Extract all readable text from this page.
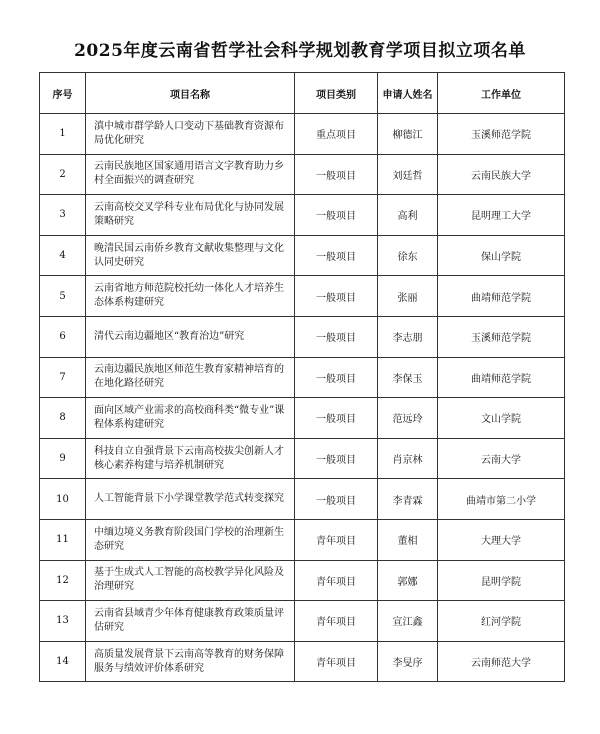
2025年度云南省哲学社会科学规划教育学项目拟立项名单
序号	项目名称	项目类别	申请人姓名	工作单位
1	滇中城市群学龄人口变动下基础教育资源布局优化研究	重点项目	柳德江	玉溪师范学院
2	云南民族地区国家通用语言文字教育助力乡村全面振兴的调查研究	一般项目	刘廷哲	云南民族大学
3	云南高校交叉学科专业布局优化与协同发展策略研究	一般项目	高利	昆明理工大学
4	晚清民国云南侨乡教育文献收集整理与文化认同史研究	一般项目	徐东	保山学院
5	云南省地方师范院校托幼一体化人才培养生态体系构建研究	一般项目	张丽	曲靖师范学院
6	清代云南边疆地区“教育治边”研究	一般项目	李志朋	玉溪师范学院
7	云南边疆民族地区师范生教育家精神培育的在地化路径研究	一般项目	李保玉	曲靖师范学院
8	面向区域产业需求的高校商科类“微专业”课程体系构建研究	一般项目	范远玲	文山学院
9	科技自立自强背景下云南高校拔尖创新人才核心素养构建与培养机制研究	一般项目	肖京林	云南大学
10	人工智能背景下小学课堂教学范式转变探究	一般项目	李青霖	曲靖市第二小学
11	中缅边境义务教育阶段国门学校的治理新生态研究	青年项目	董相	大理大学
12	基于生成式人工智能的高校教学异化风险及治理研究	青年项目	郭娜	昆明学院
13	云南省县域青少年体育健康教育政策质量评估研究	青年项目	宣江鑫	红河学院
14	高质量发展背景下云南高等教育的财务保障服务与绩效评价体系研究	青年项目	李旻序	云南师范大学
